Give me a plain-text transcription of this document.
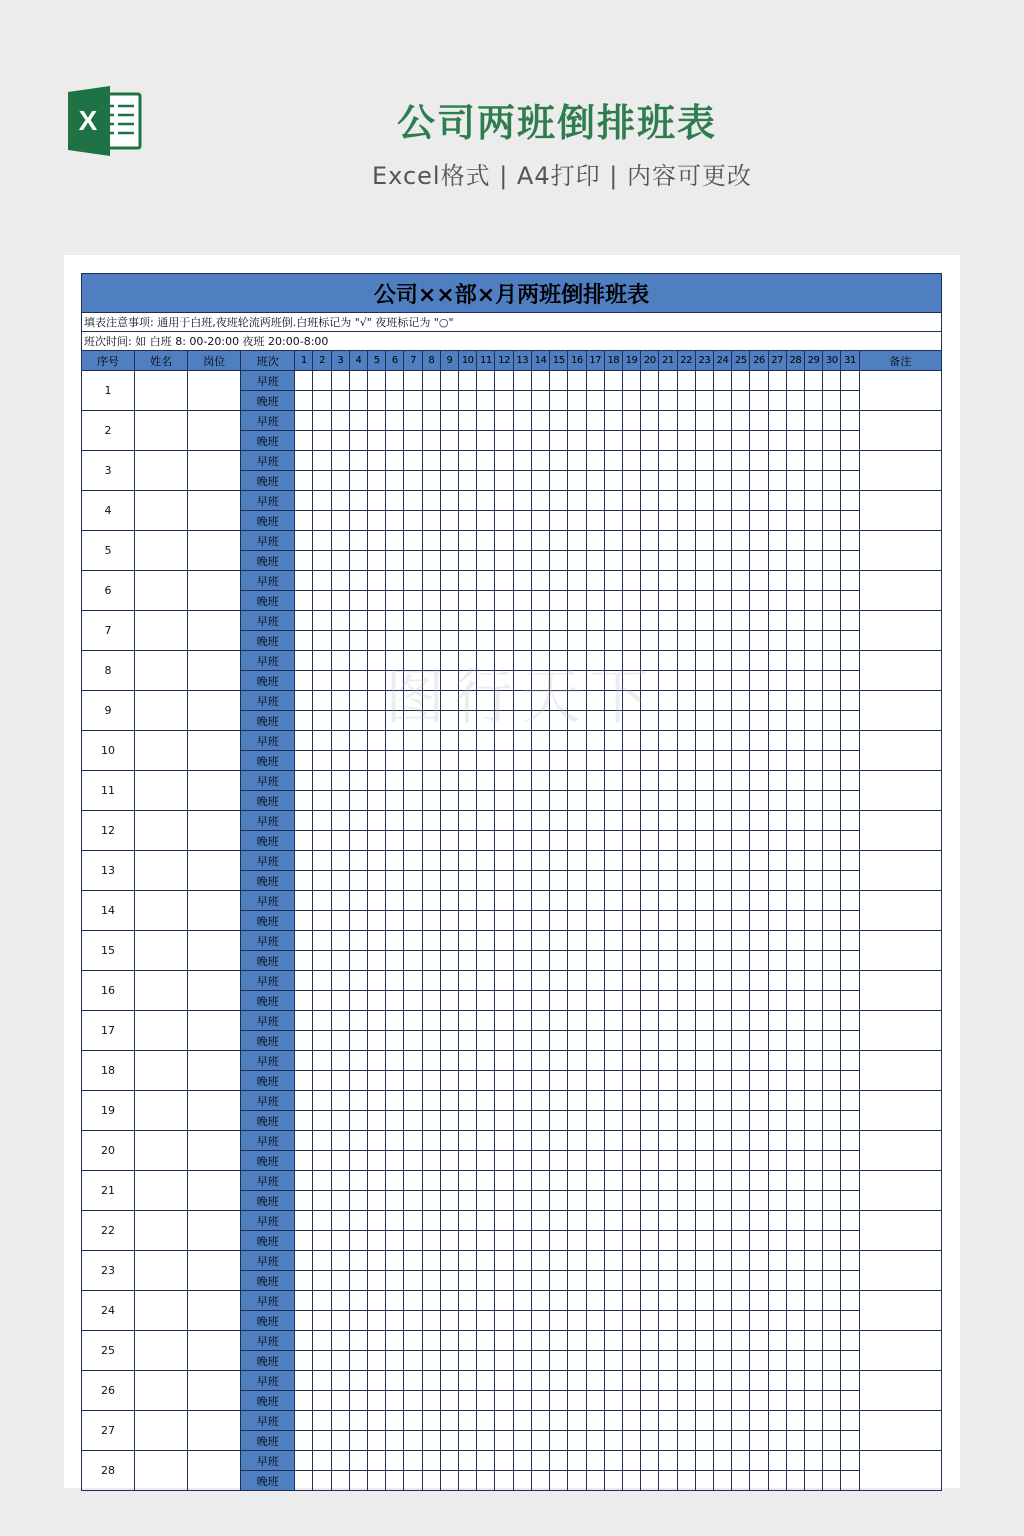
X	公司两班倒排班表
Excel格式 | A4打印 | 内容可更改
公司××部×月两班倒排班表																																			
填表注意事项: 通用于白班,夜班轮流两班倒.白班标记为 "√" 夜班标记为 "○"																																			
班次时间: 如 白班 8: 00-20:00 夜班 20:00-8:00																																			
序号	姓名	岗位	班次	1	2	3	4	5	6	7	8	9	10	11	12	13	14	15	16	17	18	19	20	21	22	23	24	25	26	27	28	29	30	31	备注
1			早班																																
			晚班																																
2			早班																																
			晚班																																
3			早班																																
			晚班																																
4			早班																																
			晚班																																
5			早班																																
			晚班																																
6			早班																																
			晚班																																
7			早班																																
			晚班																																
8			早班																																
			晚班																																
9			早班																																
			晚班																																
10			早班																																
			晚班																																
11			早班																																
			晚班																																
12			早班																																
			晚班																																
13			早班																																
			晚班																																
14			早班																																
			晚班																																
15			早班																																
			晚班																																
16			早班																																
			晚班																																
17			早班																																
			晚班																																
18			早班																																
			晚班																																
19			早班																																
			晚班																																
20			早班																																
			晚班																																
21			早班																																
			晚班																																
22			早班																																
			晚班																																
23			早班																																
			晚班																																
24			早班																																
			晚班																																
25			早班																																
			晚班																																
26			早班																																
			晚班																																
27			早班																																
			晚班																																
28			早班																																
			晚班																																
图行天下
